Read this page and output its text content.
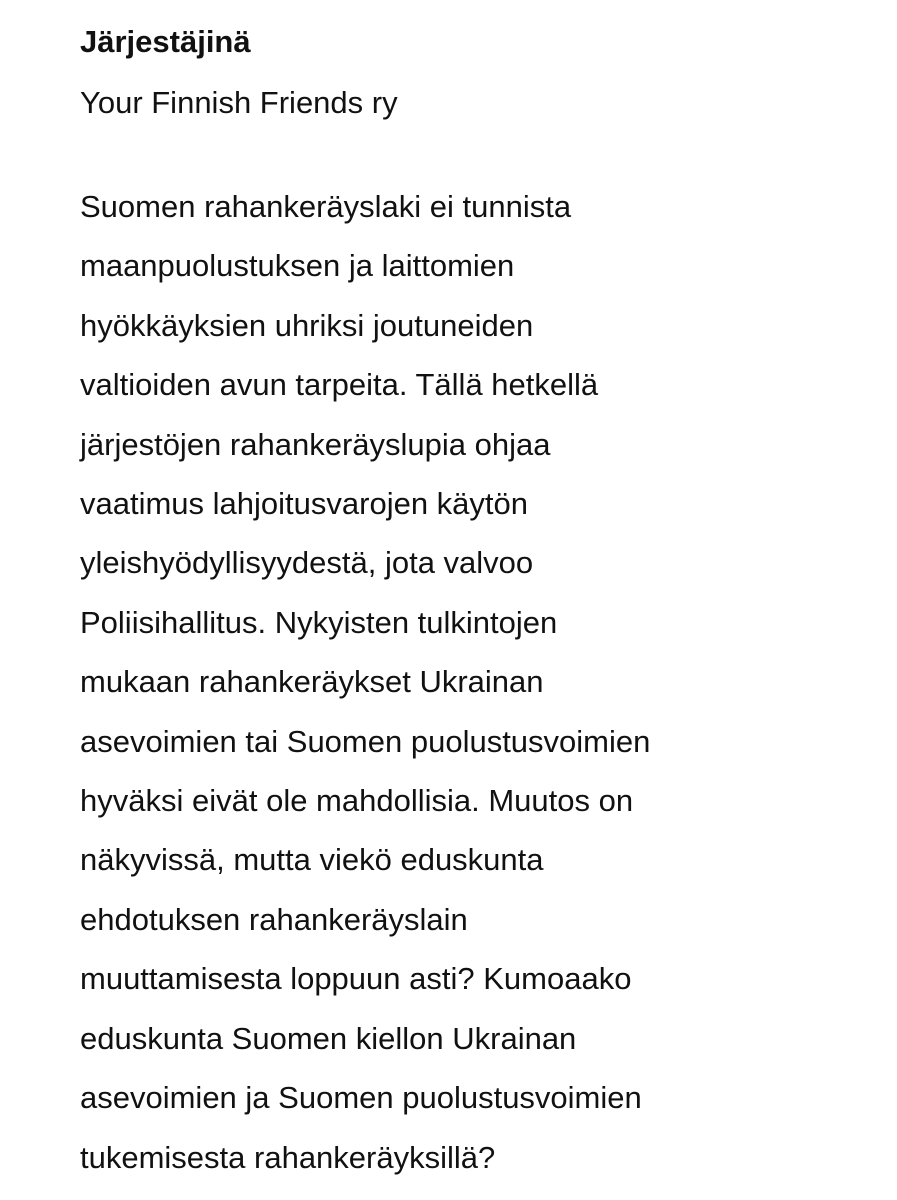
Järjestäjinä
Your Finnish Friends ry
Suomen rahankeräyslaki ei tunnista
maanpuolustuksen ja laittomien
hyökkäyksien uhriksi joutuneiden
valtioiden avun tarpeita. Tällä hetkellä
järjestöjen rahankeräyslupia ohjaa
vaatimus lahjoitusvarojen käytön
yleishyödyllisyydestä, jota valvoo
Poliisihallitus. Nykyisten tulkintojen
mukaan rahankeräykset Ukrainan
asevoimien tai Suomen puolustusvoimien
hyväksi eivät ole mahdollisia. Muutos on
näkyvissä, mutta viekö eduskunta
ehdotuksen rahankeräyslain
muuttamisesta loppuun asti? Kumoaako
eduskunta Suomen kiellon Ukrainan
asevoimien ja Suomen puolustusvoimien
tukemisesta rahankeräyksillä?
